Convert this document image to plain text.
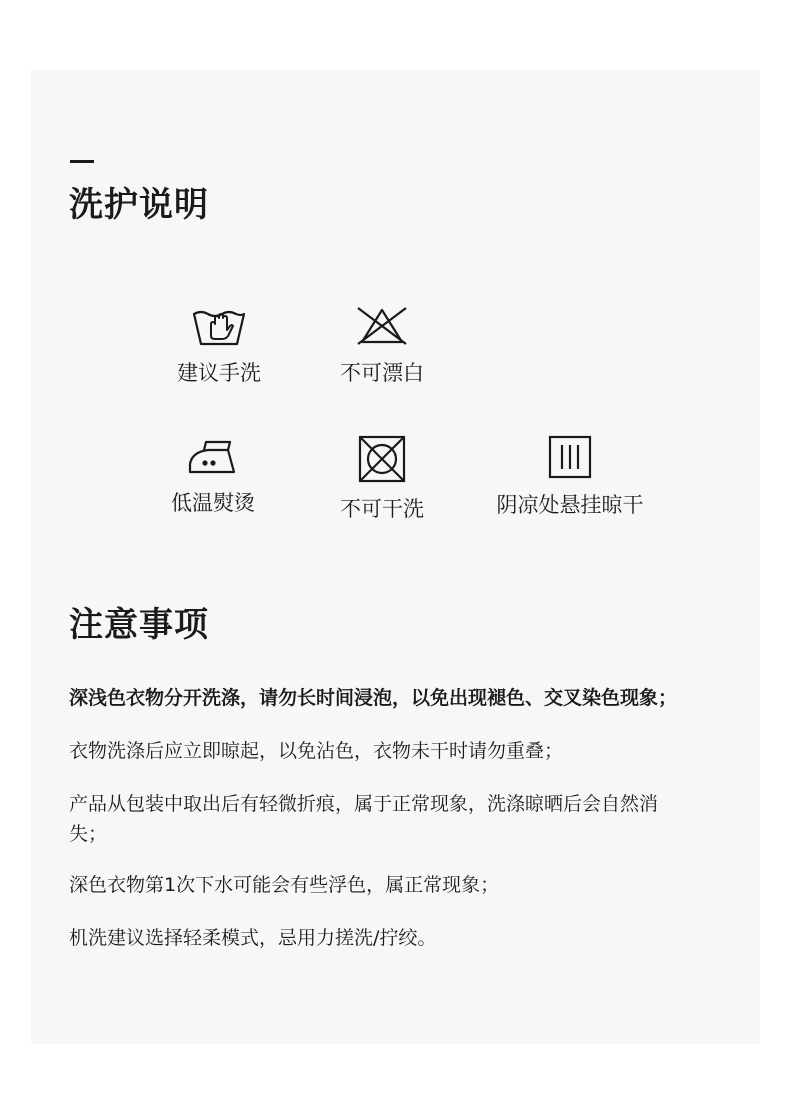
洗护说明
建议手洗	不可漂白
低温熨烫	不可干洗	阴凉处悬挂晾干
注意事项

深浅色衣物分开洗涤，请勿长时间浸泡，以免出现褪色、交叉染色现象；

衣物洗涤后应立即晾起，以免沾色，衣物未干时请勿重叠；

产品从包装中取出后有轻微折痕，属于正常现象，洗涤晾晒后会自然消失；

深色衣物第1次下水可能会有些浮色，属正常现象；

机洗建议选择轻柔模式，忌用力搓洗/拧绞。
